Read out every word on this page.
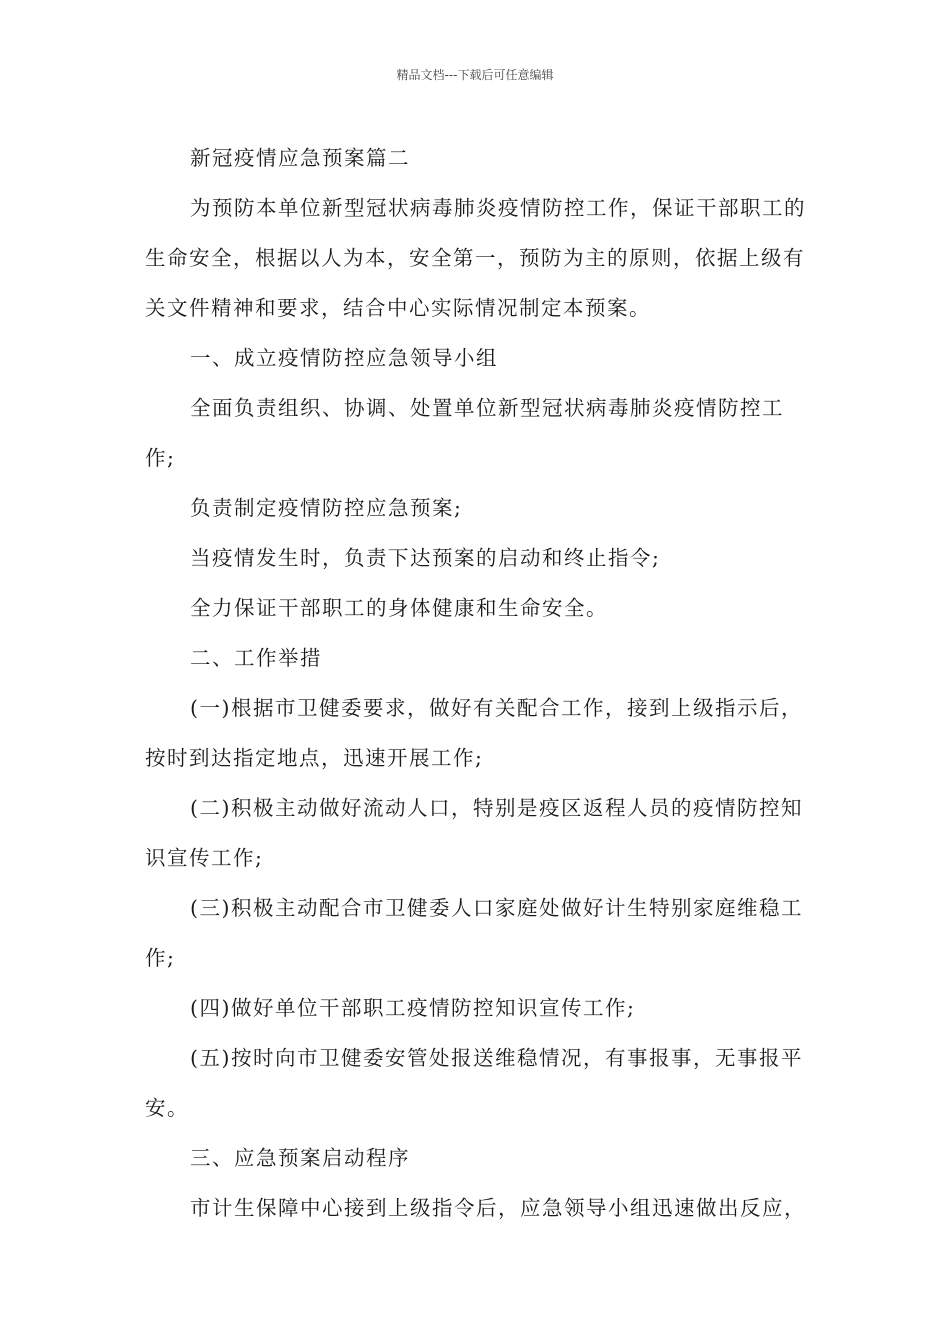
精品文档---下载后可任意编辑

新冠疫情应急预案篇二

为预防本单位新型冠状病毒肺炎疫情防控工作，保证干部职工的生命安全，根据以人为本，安全第一，预防为主的原则，依据上级有关文件精神和要求，结合中心实际情况制定本预案。

一、成立疫情防控应急领导小组

全面负责组织、协调、处置单位新型冠状病毒肺炎疫情防控工作;

负责制定疫情防控应急预案;

当疫情发生时，负责下达预案的启动和终止指令;

全力保证干部职工的身体健康和生命安全。

二、工作举措

(一)根据市卫健委要求，做好有关配合工作，接到上级指示后，按时到达指定地点，迅速开展工作;

(二)积极主动做好流动人口，特别是疫区返程人员的疫情防控知识宣传工作;

(三)积极主动配合市卫健委人口家庭处做好计生特别家庭维稳工作;

(四)做好单位干部职工疫情防控知识宣传工作;

(五)按时向市卫健委安管处报送维稳情况，有事报事，无事报平安。

三、应急预案启动程序

市计生保障中心接到上级指令后，应急领导小组迅速做出反应，
